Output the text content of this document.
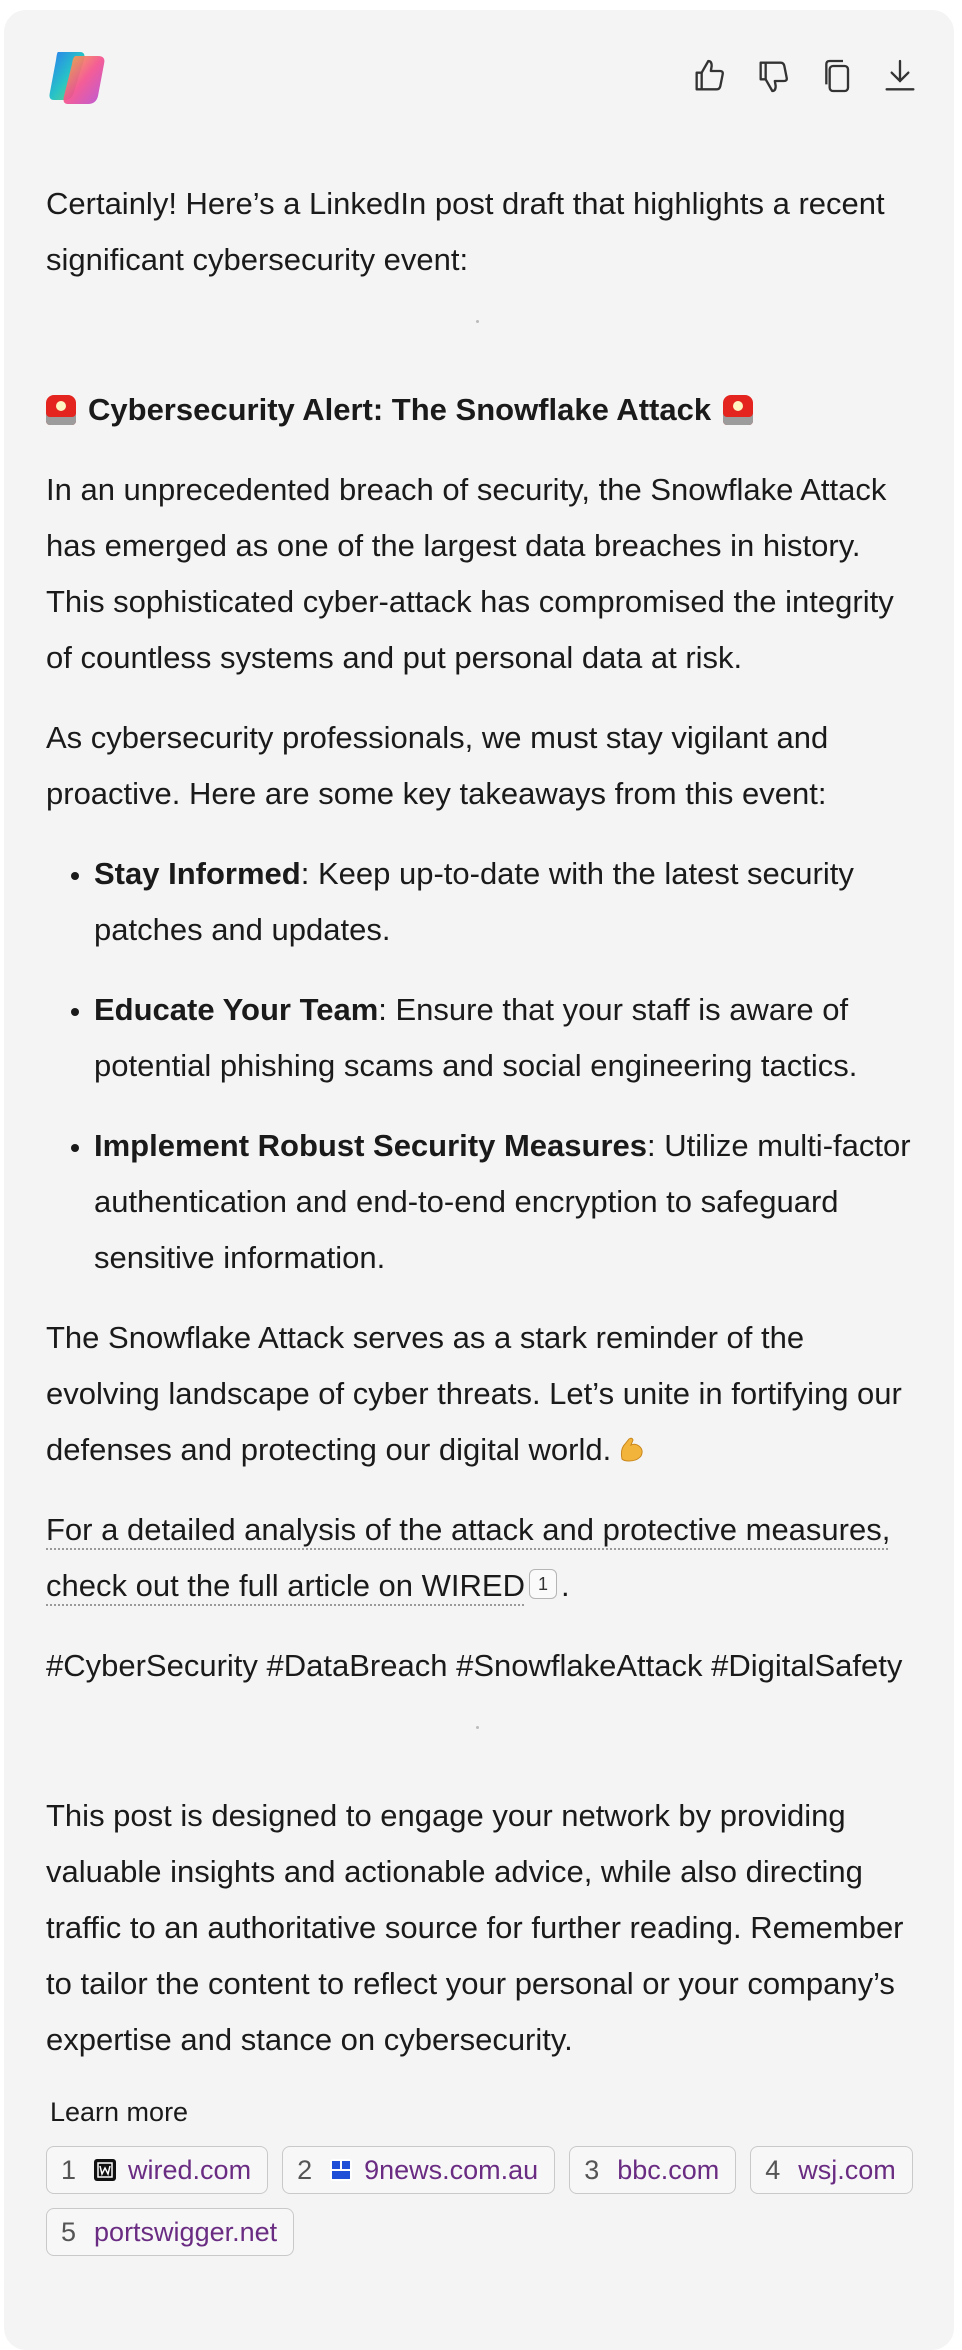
Certainly! Here’s a LinkedIn post draft that highlights a recent significant cybersecurity event:

Cybersecurity Alert: The Snowflake Attack

In an unprecedented breach of security, the Snowflake Attack has emerged as one of the largest data breaches in history. This sophisticated cyber-attack has compromised the integrity of countless systems and put personal data at risk.

As cybersecurity professionals, we must stay vigilant and proactive. Here are some key takeaways from this event:

• Stay Informed: Keep up-to-date with the latest security patches and updates.
• Educate Your Team: Ensure that your staff is aware of potential phishing scams and social engineering tactics.
• Implement Robust Security Measures: Utilize multi-factor authentication and end-to-end encryption to safeguard sensitive information.

The Snowflake Attack serves as a stark reminder of the evolving landscape of cyber threats. Let’s unite in fortifying our defenses and protecting our digital world.

For a detailed analysis of the attack and protective measures, check out the full article on WIRED 1 .

#CyberSecurity #DataBreach #SnowflakeAttack #DigitalSafety

This post is designed to engage your network by providing valuable insights and actionable advice, while also directing traffic to an authoritative source for further reading. Remember to tailor the content to reflect your personal or your company’s expertise and stance on cybersecurity.

Learn more
1 wired.com 2 9news.com.au 3 bbc.com 4 wsj.com
5 portswigger.net
